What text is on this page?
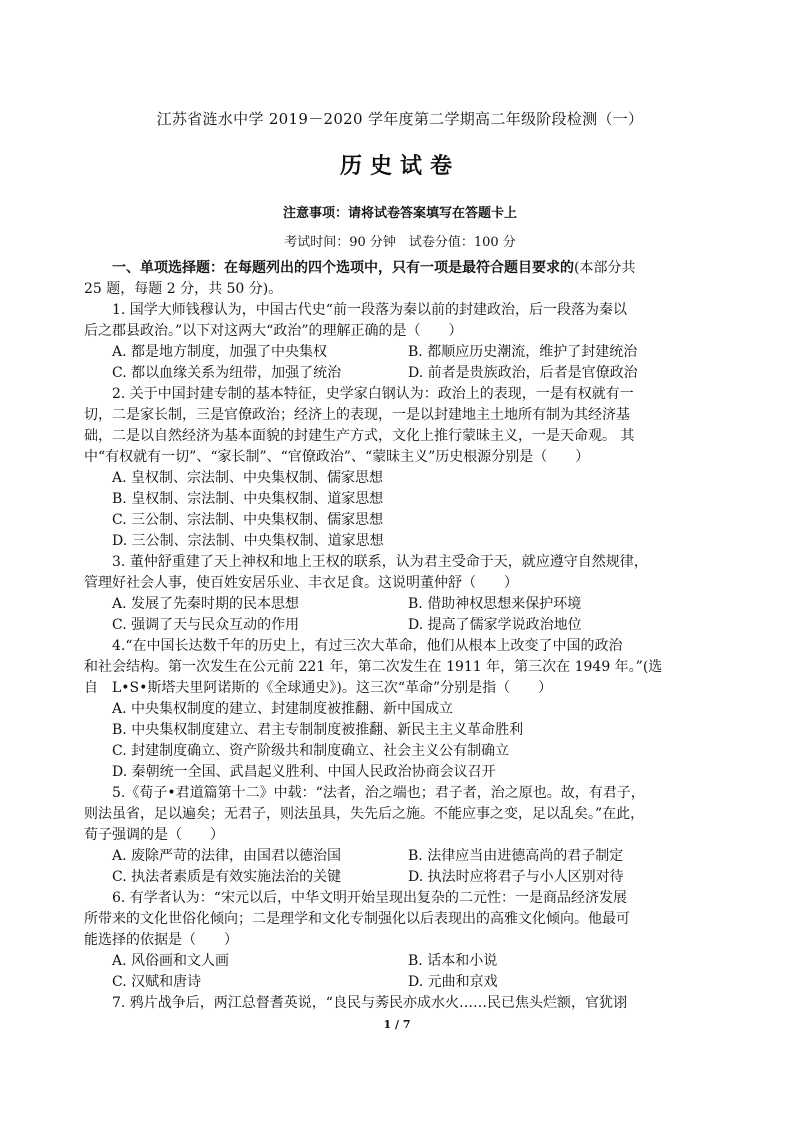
江苏省涟水中学 2019－2020 学年度第二学期高二年级阶段检测（一）
历史试卷
注意事项：请将试卷答案填写在答题卡上
考试时间：90 分钟　试卷分值：100 分
一、单项选择题：在每题列出的四个选项中，只有一项是最符合题目要求的(本部分共
25 题，每题 2 分，共 50 分)。
1. 国学大师钱穆认为，中国古代史“前一段落为秦以前的封建政治，后一段落为秦以
后之郡县政治。”以下对这两大“政治”的理解正确的是（　　）
A. 都是地方制度，加强了中央集权	B. 都顺应历史潮流，维护了封建统治
C. 都以血缘关系为纽带，加强了统治	D. 前者是贵族政治，后者是官僚政治
2. 关于中国封建专制的基本特征，史学家白钢认为：政治上的表现，一是有权就有一
切，二是家长制，三是官僚政治；经济上的表现，一是以封建地主土地所有制为其经济基
础，二是以自然经济为基本面貌的封建生产方式，文化上推行蒙昧主义，一是天命观。 其
中“有权就有一切”、“家长制”、“官僚政治”、“蒙昧主义”历史根源分别是（　　）
A. 皇权制、宗法制、中央集权制、儒家思想
B. 皇权制、宗法制、中央集权制、道家思想
C. 三公制、宗法制、中央集权制、儒家思想
D. 三公制、宗法制、中央集权制、道家思想
3. 董仲舒重建了天上神权和地上王权的联系，认为君主受命于天，就应遵守自然规律，
管理好社会人事，使百姓安居乐业、丰衣足食。这说明董仲舒（　　）
A. 发展了先秦时期的民本思想	B. 借助神权思想来保护环境
C. 强调了天与民众互动的作用	D. 提高了儒家学说政治地位
4.“在中国长达数千年的历史上，有过三次大革命，他们从根本上改变了中国的政治
和社会结构。第一次发生在公元前 221 年，第二次发生在 1911 年，第三次在 1949 年。”(选
自　L•S•斯塔夫里阿诺斯的《全球通史》)。这三次“革命”分别是指（　　）
A. 中央集权制度的建立、封建制度被推翻、新中国成立
B. 中央集权制度建立、君主专制制度被推翻、新民主主义革命胜利
C. 封建制度确立、资产阶级共和制度确立、社会主义公有制确立
D. 秦朝统一全国、武昌起义胜利、中国人民政治协商会议召开
5.《荀子•君道篇第十二》中载：“法者，治之端也；君子者，治之原也。故，有君子，
则法虽省，足以遍矣；无君子，则法虽具，失先后之施。不能应事之变，足以乱矣。”在此，
荀子强调的是（　　）
A. 废除严苛的法律，由国君以德治国	B. 法律应当由进德高尚的君子制定
C. 执法者素质是有效实施法治的关键	D. 执法时应将君子与小人区别对待
6. 有学者认为：“宋元以后，中华文明开始呈现出复杂的二元性：一是商品经济发展
所带来的文化世俗化倾向；二是理学和文化专制强化以后表现出的高雅文化倾向。他最可
能选择的依据是（　　）
A. 风俗画和文人画	B. 话本和小说
C. 汉赋和唐诗	D. 元曲和京戏
7. 鸦片战争后，两江总督耆英说，“良民与莠民亦成水火……民已焦头烂额，官犹诩
1 / 7
